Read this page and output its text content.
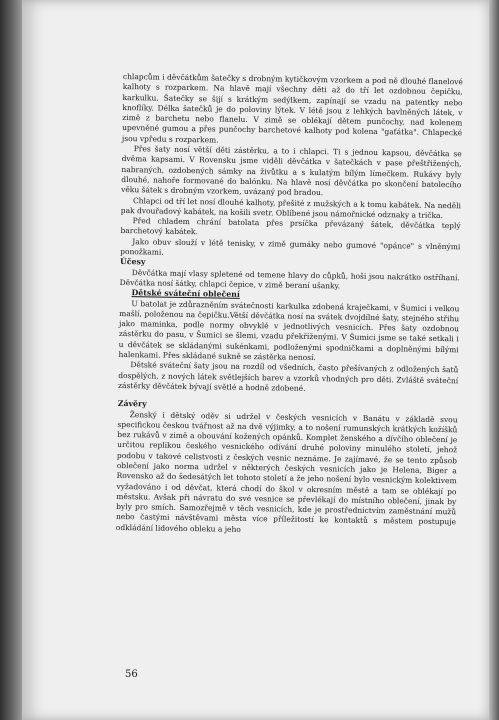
chlapcům i děvčátkům šatečky s drobným kytičkovým vzorkem a pod ně dlouhé flanelové kalhoty s rozparkem. Na hlavě mají všechny děti až do tří let ozdobnou čepičku, karkulku. Šatečky se šijí s krátkým sedýlkem, zapínají se vzadu na patentky nebo knoflíky. Délka šatečků je do poloviny lýtek. V létě jsou z lehkých bavlněných látek, v zimě z barchetu nebo flanelu. V zimě se oblékají dětem punčochy, nad kolenem upevněné gumou a přes punčochy barchetové kalhoty pod kolena "gaťátka". Chlapecké jsou vpředu s rozparkem.

Přes šaty nosí větší děti zástěrku, a to i chlapci. Ti s jednou kapsou, děvčátka se dvěma kapsami. V Rovensku jsme viděli děvčátka v šatečkách v pase přeštřižených, nabraných, ozdobených sámky na živůtku a s kulatým bílým límečkem. Rukávy byly dlouhé, nahoře formované do balónku. Na hlavě nosí děvčátka po skončení batolecího věku šátek s drobným vzorkem, uvázaný pod bradou.

Chlapci od tří let nosí dlouhé kalhoty, přešité z mužských a k tomu kabátek. Na neděli pak dvouřadový kabátek, na košili svetr. Oblíbené jsou námořnické odznaky a trička.

Před chladem chrání batolata přes prsíčka převázaný šátek, děvčátka teplý barchetový kabátek.

Jako obuv slouží v létě tenisky, v zimě gumáky nebo gumové "opánce" s vlněnými ponožkami.

Účesy

Děvčátka mají vlasy spletené od temene hlavy do cůpků, hoši jsou nakrátko ostříhaní. Děvčátka nosí šátky, chlapci čepice, v zimě beraní ušanky.

Dětské sváteční oblečení

U batolat je zdůrazněním svátečnosti karkulka zdobená kraječkami, v Šumici i velkou mašlí, položenou na čepičku.Větší děvčátka nosí na svátek dvojdílné šaty, stejného střihu jako maminka, podle normy obvyklé v jednotlivých vesnicích. Přes šaty ozdobnou zástěrku do pasu, v Šumici se šlemi, vzadu překříženými. V Šumici jsme se také setkali i u děvčátek se skládanými sukénkami, podloženými spodničkami a doplněnými bílými halenkami. Přes skládané sukně se zástěrka nenosí.

Dětské sváteční šaty jsou na rozdíl od všedních, často přešívaných z odložených šatů dospělých, z nových látek světlejších barev a vzorků vhodných pro děti. Zvláště sváteční zástěrky děvčátek bývají světlé a hodně zdobené.

Závěry

Ženský i dětský oděv si udržel v českých vesnicích v Banátu v základě svou specifickou českou tvářnost až na dvě výjimky, a to nošení rumunských krátkých kožíšků bez rukávů v zimě a obouvání kožených opánků. Komplet ženského a dívčího oblečení je určitou replikou českého vesnického odívání druhé poloviny minulého století, jehož podobu v takové celistvosti z českých vesnic neznáme. Je zajímavé, že se tento způsob oblečení jako norma udržel v některých českých vesnicích jako je Helena, Biger a Rovensko až do šedesátých let tohoto století a že jeho nošení bylo vesnickým kolektivem vyžadováno i od děvčat, která chodí do škol v okresním městě a tam se oblékají po městsku. Avšak při návratu do své vesnice se převlékají do místního oblečení, jinak by byly pro smích. Samozřejmě v těch vesnicích, kde je prostřednictvím zaměstnání mužů nebo častými návštěvami města více příležitostí ke kontaktů s městem postupuje odkládání lidového obleku a jeho

56
